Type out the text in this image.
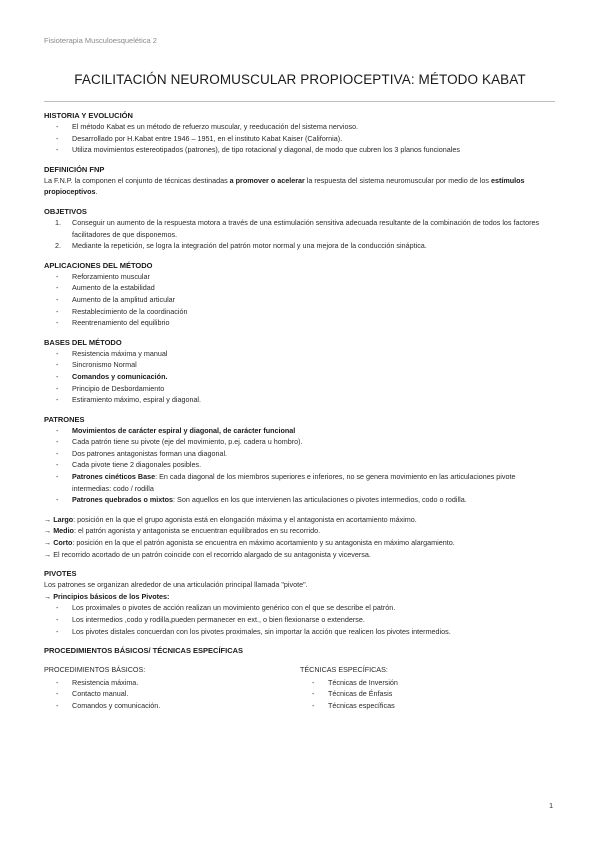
Fisioterapia Musculoesquelética 2
FACILITACIÓN NEUROMUSCULAR PROPIOCEPTIVA: MÉTODO KABAT
HISTORIA Y EVOLUCIÓN
- El método Kabat es un método de refuerzo muscular, y reeducación del sistema nervioso.
- Desarrollado por H.Kabat entre 1946 – 1951, en el instituto Kabat Kaiser (California).
- Utiliza movimientos estereotipados (patrones), de tipo rotacional y diagonal, de modo que cubren los 3 planos funcionales
DEFINICIÓN FNP

La F.N.P. la componen el conjunto de técnicas destinadas a promover o acelerar la respuesta del sistema neuromuscular por medio de los estímulos propioceptivos.

OBJETIVOS
1. Conseguir un aumento de la respuesta motora a través de una estimulación sensitiva adecuada resultante de la combinación de todos los factores facilitadores de que disponemos.
2. Mediante la repetición, se logra la integración del patrón motor normal y una mejora de la conducción sináptica.
APLICACIONES DEL MÉTODO
- Reforzamiento muscular
- Aumento de la estabilidad
- Aumento de la amplitud articular
- Restablecimiento de la coordinación
- Reentrenamiento del equilibrio
BASES DEL MÉTODO
- Resistencia máxima y manual
- Sincronismo Normal
- Comandos y comunicación.
- Principio de Desbordamiento
- Estiramiento máximo, espiral y diagonal.
PATRONES
- Movimientos de carácter espiral y diagonal, de carácter funcional
- Cada patrón tiene su pivote (eje del movimiento, p.ej. cadera u hombro).
- Dos patrones antagonistas forman una diagonal.
- Cada pivote tiene 2 diagonales posibles.
- Patrones cinéticos Base: En cada diagonal de los miembros superiores e inferiores, no se genera movimiento en las articulaciones pivote intermedias: codo / rodilla
- Patrones quebrados o mixtos: Son aquellos en los que intervienen las articulaciones o pivotes intermedios, codo o rodilla.
→ Largo: posición en la que el grupo agonista está en elongación máxima y el antagonista en acortamiento máximo.
→ Medio: el patrón agonista y antagonista se encuentran equilibrados en su recorrido.
→ Corto: posición en la que el patrón agonista se encuentra en máximo acortamiento y su antagonista en máximo alargamiento.
→ El recorrido acortado de un patrón coincide con el recorrido alargado de su antagonista y viceversa.
PIVOTES

Los patrones se organizan alrededor de una articulación principal llamada "pivote".

→ Principios básicos de los Pivotes:

- Los proximales o pivotes de acción realizan un movimiento genérico con el que se describe el patrón.
- Los intermedios ,codo y rodilla,pueden permanecer en ext., o bien flexionarse o extenderse.
- Los pivotes distales concuerdan con los pivotes proximales, sin importar la acción que realicen los pivotes intermedios.
PROCEDIMIENTOS BÁSICOS/ TÉCNICAS ESPECÍFICAS
PROCEDIMIENTOS BÁSICOS:
- Resistencia máxima.
- Contacto manual.
- Comandos y comunicación.
TÉCNICAS ESPECÍFICAS:
- Técnicas de Inversión
- Técnicas de Énfasis
- Técnicas específicas
1
